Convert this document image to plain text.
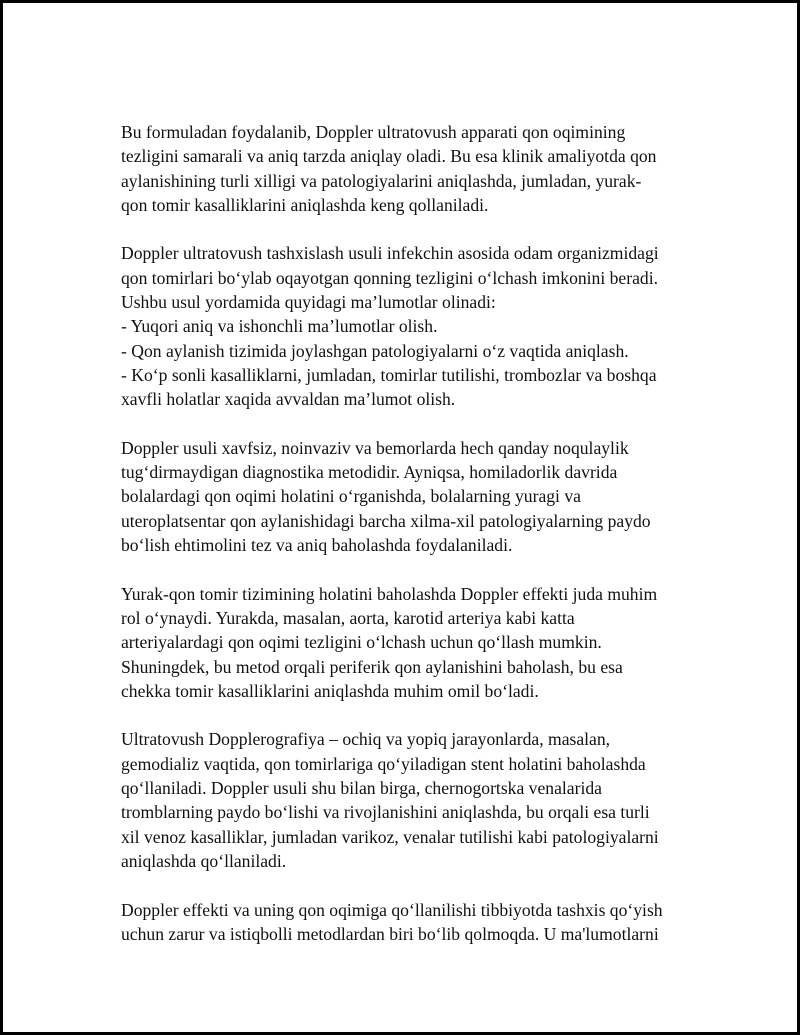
Bu formuladan foydalanib, Doppler ultratovush apparati qon oqimining
tezligini samarali va aniq tarzda aniqlay oladi. Bu esa klinik amaliyotda qon
aylanishining turli xilligi va patologiyalarini aniqlashda, jumladan, yurak-
qon tomir kasalliklarini aniqlashda keng qollaniladi.

Doppler ultratovush tashxislash usuli infekchin asosida odam organizmidagi
qon tomirlari bo‘ylab oqayotgan qonning tezligini o‘lchash imkonini beradi.
Ushbu usul yordamida quyidagi ma’lumotlar olinadi:
- Yuqori aniq va ishonchli ma’lumotlar olish.
- Qon aylanish tizimida joylashgan patologiyalarni o‘z vaqtida aniqlash.
- Ko‘p sonli kasalliklarni, jumladan, tomirlar tutilishi, trombozlar va boshqa
xavfli holatlar xaqida avvaldan ma’lumot olish.

Doppler usuli xavfsiz, noinvaziv va bemorlarda hech qanday noqulaylik
tug‘dirmaydigan diagnostika metodidir. Ayniqsa, homiladorlik davrida
bolalardagi qon oqimi holatini o‘rganishda, bolalarning yuragi va
uteroplatsentar qon aylanishidagi barcha xilma-xil patologiyalarning paydo
bo‘lish ehtimolini tez va aniq baholashda foydalaniladi.

Yurak-qon tomir tizimining holatini baholashda Doppler effekti juda muhim
rol o‘ynaydi. Yurakda, masalan, aorta, karotid arteriya kabi katta
arteriyalardagi qon oqimi tezligini o‘lchash uchun qo‘llash mumkin.
Shuningdek, bu metod orqali periferik qon aylanishini baholash, bu esa
chekka tomir kasalliklarini aniqlashda muhim omil bo‘ladi.

Ultratovush Dopplerografiya – ochiq va yopiq jarayonlarda, masalan,
gemodializ vaqtida, qon tomirlariga qo‘yiladigan stent holatini baholashda
qo‘llaniladi. Doppler usuli shu bilan birga, chernogortska venalarida
tromblarning paydo bo‘lishi va rivojlanishini aniqlashda, bu orqali esa turli
xil venoz kasalliklar, jumladan varikoz, venalar tutilishi kabi patologiyalarni
aniqlashda qo‘llaniladi.

Doppler effekti va uning qon oqimiga qo‘llanilishi tibbiyotda tashxis qo‘yish
uchun zarur va istiqbolli metodlardan biri bo‘lib qolmoqda. U ma'lumotlarni
